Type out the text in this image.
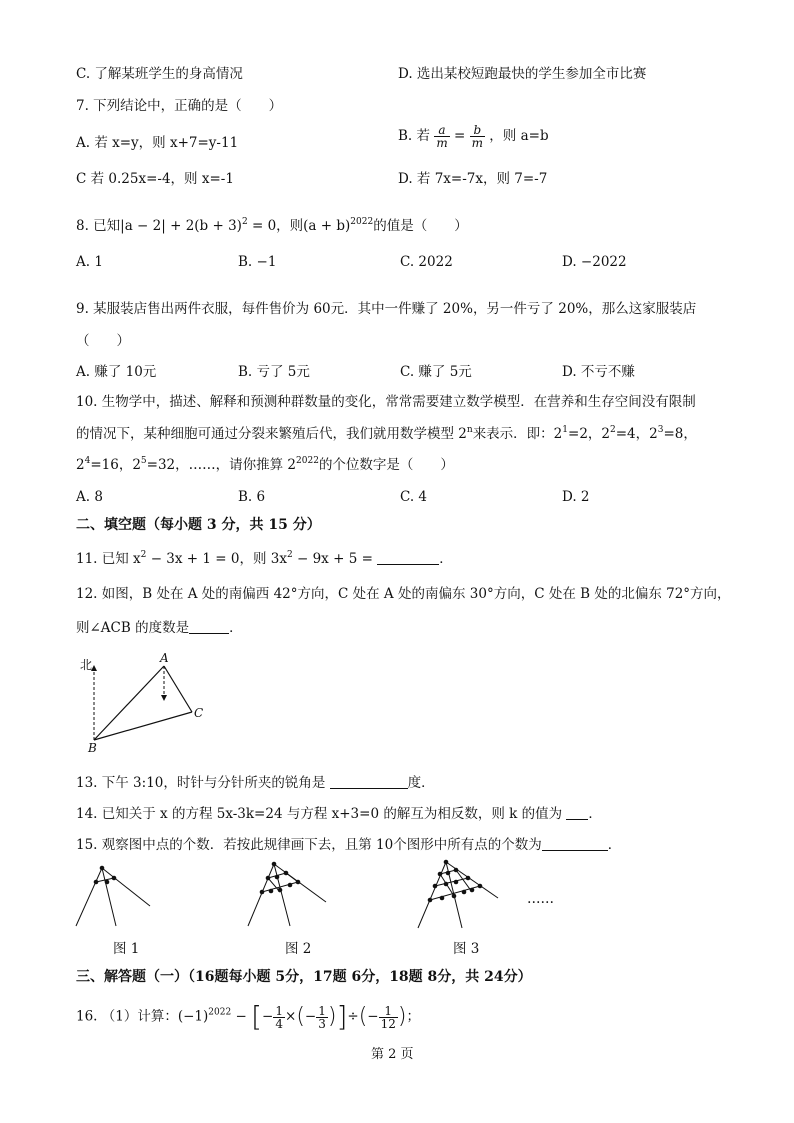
C. 了解某班学生的身高情况	D. 选出某校短跑最快的学生参加全市比赛
7. 下列结论中，正确的是（　　）
A. 若 x=y，则 x+7=y-11	B. 若 $\frac{a}{m} = \frac{b}{m}$ ，则 a=b
C 若 0.25x=-4，则 x=-1	D. 若 7x=-7x，则 7=-7
8. 已知$|a - 2| + 2(b + 3)^2 = 0$，则$(a + b)^{2022}$的值是（　　）
A. 1	B. −1	C. 2022	D. −2022
9. 某服装店售出两件衣服，每件售价为 60元．其中一件赚了 20%，另一件亏了 20%，那么这家服装店
（　　）
A. 赚了 10元	B. 亏了 5元	C. 赚了 5元	D. 不亏不赚
10. 生物学中，描述、解释和预测种群数量的变化，常常需要建立数学模型．在营养和生存空间没有限制
的情况下，某种细胞可通过分裂来繁殖后代，我们就用数学模型 2$^n$来表示．即：$2^1=2$，$2^2=4$，$2^3=8$，
$2^4=16$，$2^5=32$，……，请你推算 $2^{2022}$的个位数字是（　　）
A. 8	B. 6	C. 4	D. 2
二、填空题（每小题 3 分，共 15 分）
11. 已知 $x^2 - 3x + 1 = 0$，则 $3x^2 - 9x + 5$ =	．
12. 如图，B 处在 A 处的南偏西 42°方向，C 处在 A 处的南偏东 30°方向，C 处在 B 处的北偏东 72°方向，
则∠ACB 的度数是	．
北	A
B
C
13. 下午 3:10，时针与分针所夹的锐角是	度．
14. 已知关于 x 的方程 5x-3k=24 与方程 x+3=0 的解互为相反数，则 k 的值为 ．
15. 观察图中点的个数．若按此规律画下去，且第 10个图形中所有点的个数为	．
……
图 1	图 2	图 3
三、解答题（一）（16题每小题 5分，17题 6分，18题 8分，共 24分）
16. （1）计算：$(-1)^{2022}$ − [− $\frac{1}{4}$ ×(− $\frac{1}{3}$ )]÷(− $\frac{1}{12}$ )；
第 2 页
